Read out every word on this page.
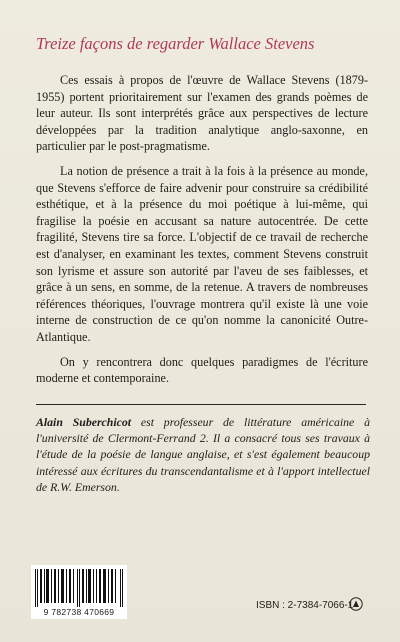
Treize façons de regarder Wallace Stevens

Ces essais à propos de l'œuvre de Wallace Stevens (1879-1955) portent prioritairement sur l'examen des grands poèmes de leur auteur. Ils sont interprétés grâce aux perspectives de lecture développées par la tradition analytique anglo-saxonne, en particulier par le post-pragmatisme.

La notion de présence a trait à la fois à la présence au monde, que Stevens s'efforce de faire advenir pour construire sa crédibilité esthétique, et à la présence du moi poétique à lui-même, qui fragilise la poésie en accusant sa nature autocentrée. De cette fragilité, Stevens tire sa force. L'objectif de ce travail de recherche est d'analyser, en examinant les textes, comment Stevens construit son lyrisme et assure son autorité par l'aveu de ses faiblesses, et grâce à un sens, en somme, de la retenue. A travers de nombreuses références théoriques, l'ouvrage montrera qu'il existe là une voie interne de construction de ce qu'on nomme la canonicité Outre-Atlantique.

On y rencontrera donc quelques paradigmes de l'écriture moderne et contemporaine.

Alain Suberchicot est professeur de littérature américaine à l'université de Clermont-Ferrand 2. Il a consacré tous ses travaux à l'étude de la poésie de langue anglaise, et s'est également beaucoup intéressé aux écritures du transcendantalisme et à l'apport intellectuel de R.W. Emerson.
9 782738 470669
ISBN : 2-7384-7066-1
